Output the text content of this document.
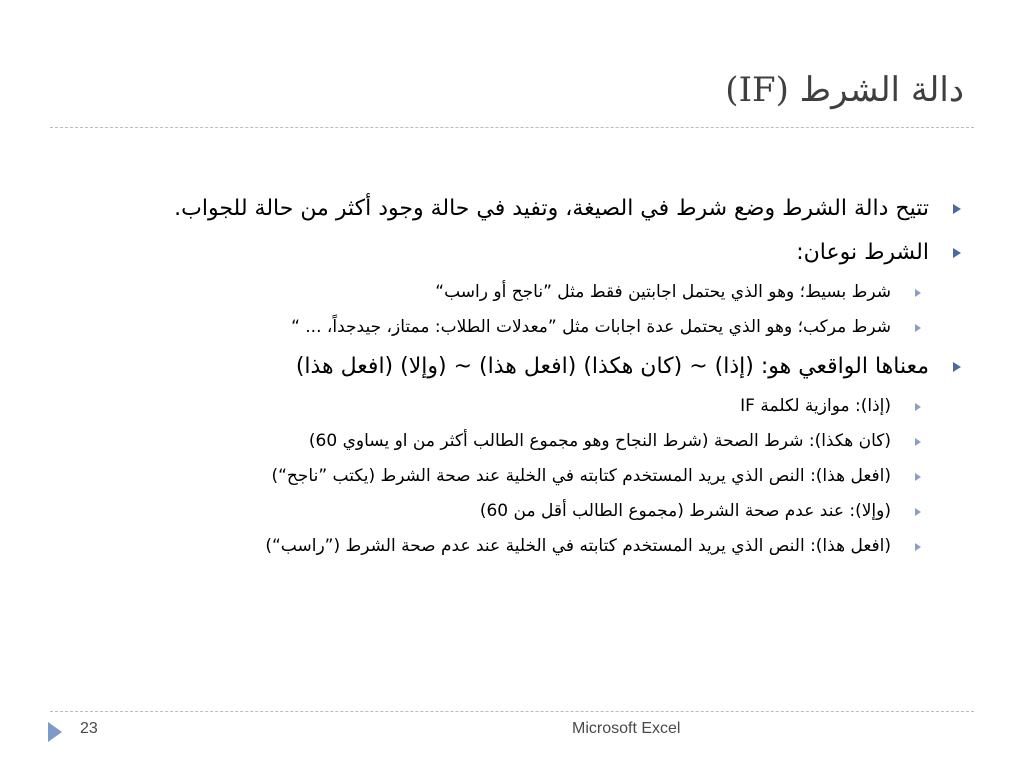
دالة الشرط (IF)
تتيح دالة الشرط وضع شرط في الصيغة، وتفيد في حالة وجود أكثر من حالة للجواب.
الشرط نوعان:
شرط بسيط؛ وهو الذي يحتمل اجابتين فقط مثل ”ناجح أو راسب“
شرط مركب؛ وهو الذي يحتمل عدة اجابات مثل ”معدلات الطلاب: ممتاز، جيدجداً، ... “
معناها الواقعي هو: (إذا) ~ (كان هكذا) (افعل هذا) ~ (وإلا) (افعل هذا)
(إذا): موازية لكلمة IF
(كان هكذا): شرط الصحة (شرط النجاح وهو مجموع الطالب أكثر من او يساوي 60)
(افعل هذا): النص الذي يريد المستخدم كتابته في الخلية عند صحة الشرط (يكتب ”ناجح“)
(وإلا): عند عدم صحة الشرط (مجموع الطالب أقل من 60)
(افعل هذا): النص الذي يريد المستخدم كتابته في الخلية عند عدم صحة الشرط (”راسب“)
23	Microsoft Excel
